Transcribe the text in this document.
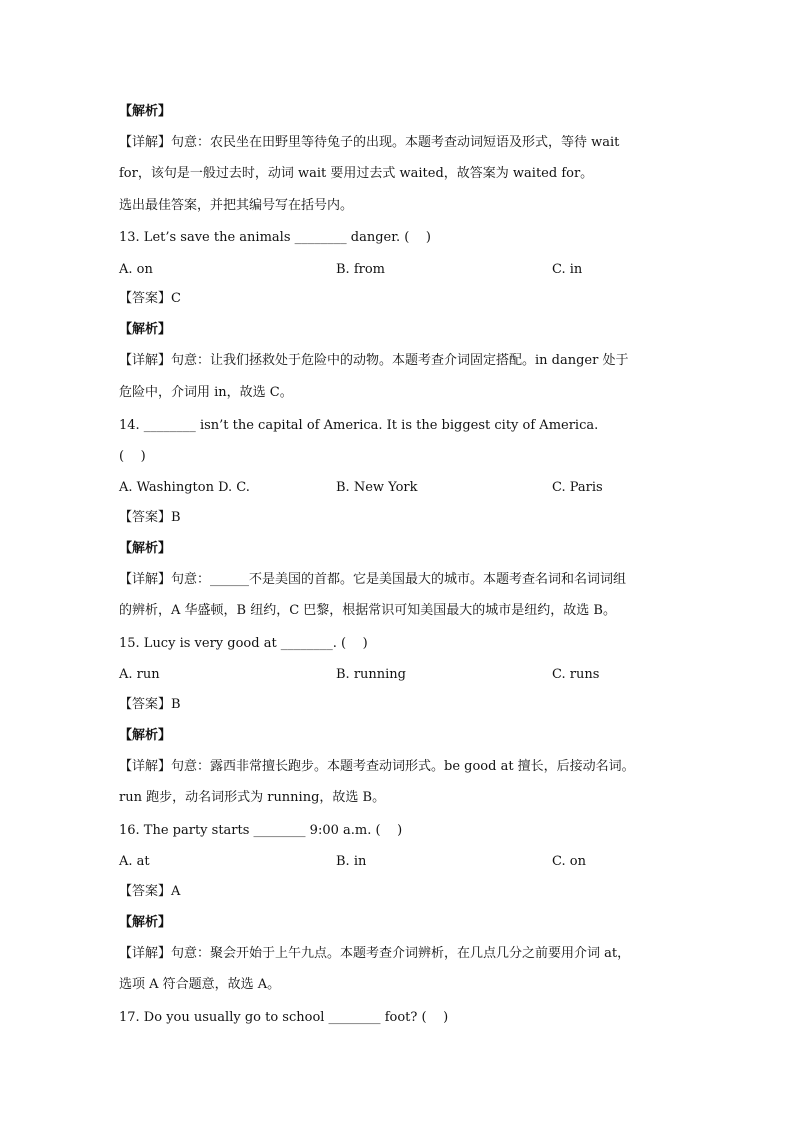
【解析】
【详解】句意：农民坐在田野里等待兔子的出现。本题考查动词短语及形式，等待 wait
for，该句是一般过去时，动词 wait 要用过去式 waited，故答案为 waited for。
选出最佳答案，并把其编号写在括号内。
13. Let’s save the animals ________ danger. (    )
A. on	B. from	C. in
【答案】C
【解析】
【详解】句意：让我们拯救处于危险中的动物。本题考查介词固定搭配。in danger 处于
危险中，介词用 in，故选 C。
14. ________ isn’t the capital of America. It is the biggest city of America.
(    )
A. Washington D. C.	B. New York	C. Paris
【答案】B
【解析】
【详解】句意：______不是美国的首都。它是美国最大的城市。本题考查名词和名词词组
的辨析，A 华盛顿，B 纽约，C 巴黎，根据常识可知美国最大的城市是纽约，故选 B。
15. Lucy is very good at ________. (    )
A. run	B. running	C. runs
【答案】B
【解析】
【详解】句意：露西非常擅长跑步。本题考查动词形式。be good at 擅长，后接动名词。
run 跑步，动名词形式为 running，故选 B。
16. The party starts ________ 9:00 a.m. (    )
A. at	B. in	C. on
【答案】A
【解析】
【详解】句意：聚会开始于上午九点。本题考查介词辨析，在几点几分之前要用介词 at，
选项 A 符合题意，故选 A。
17. Do you usually go to school ________ foot? (    )
